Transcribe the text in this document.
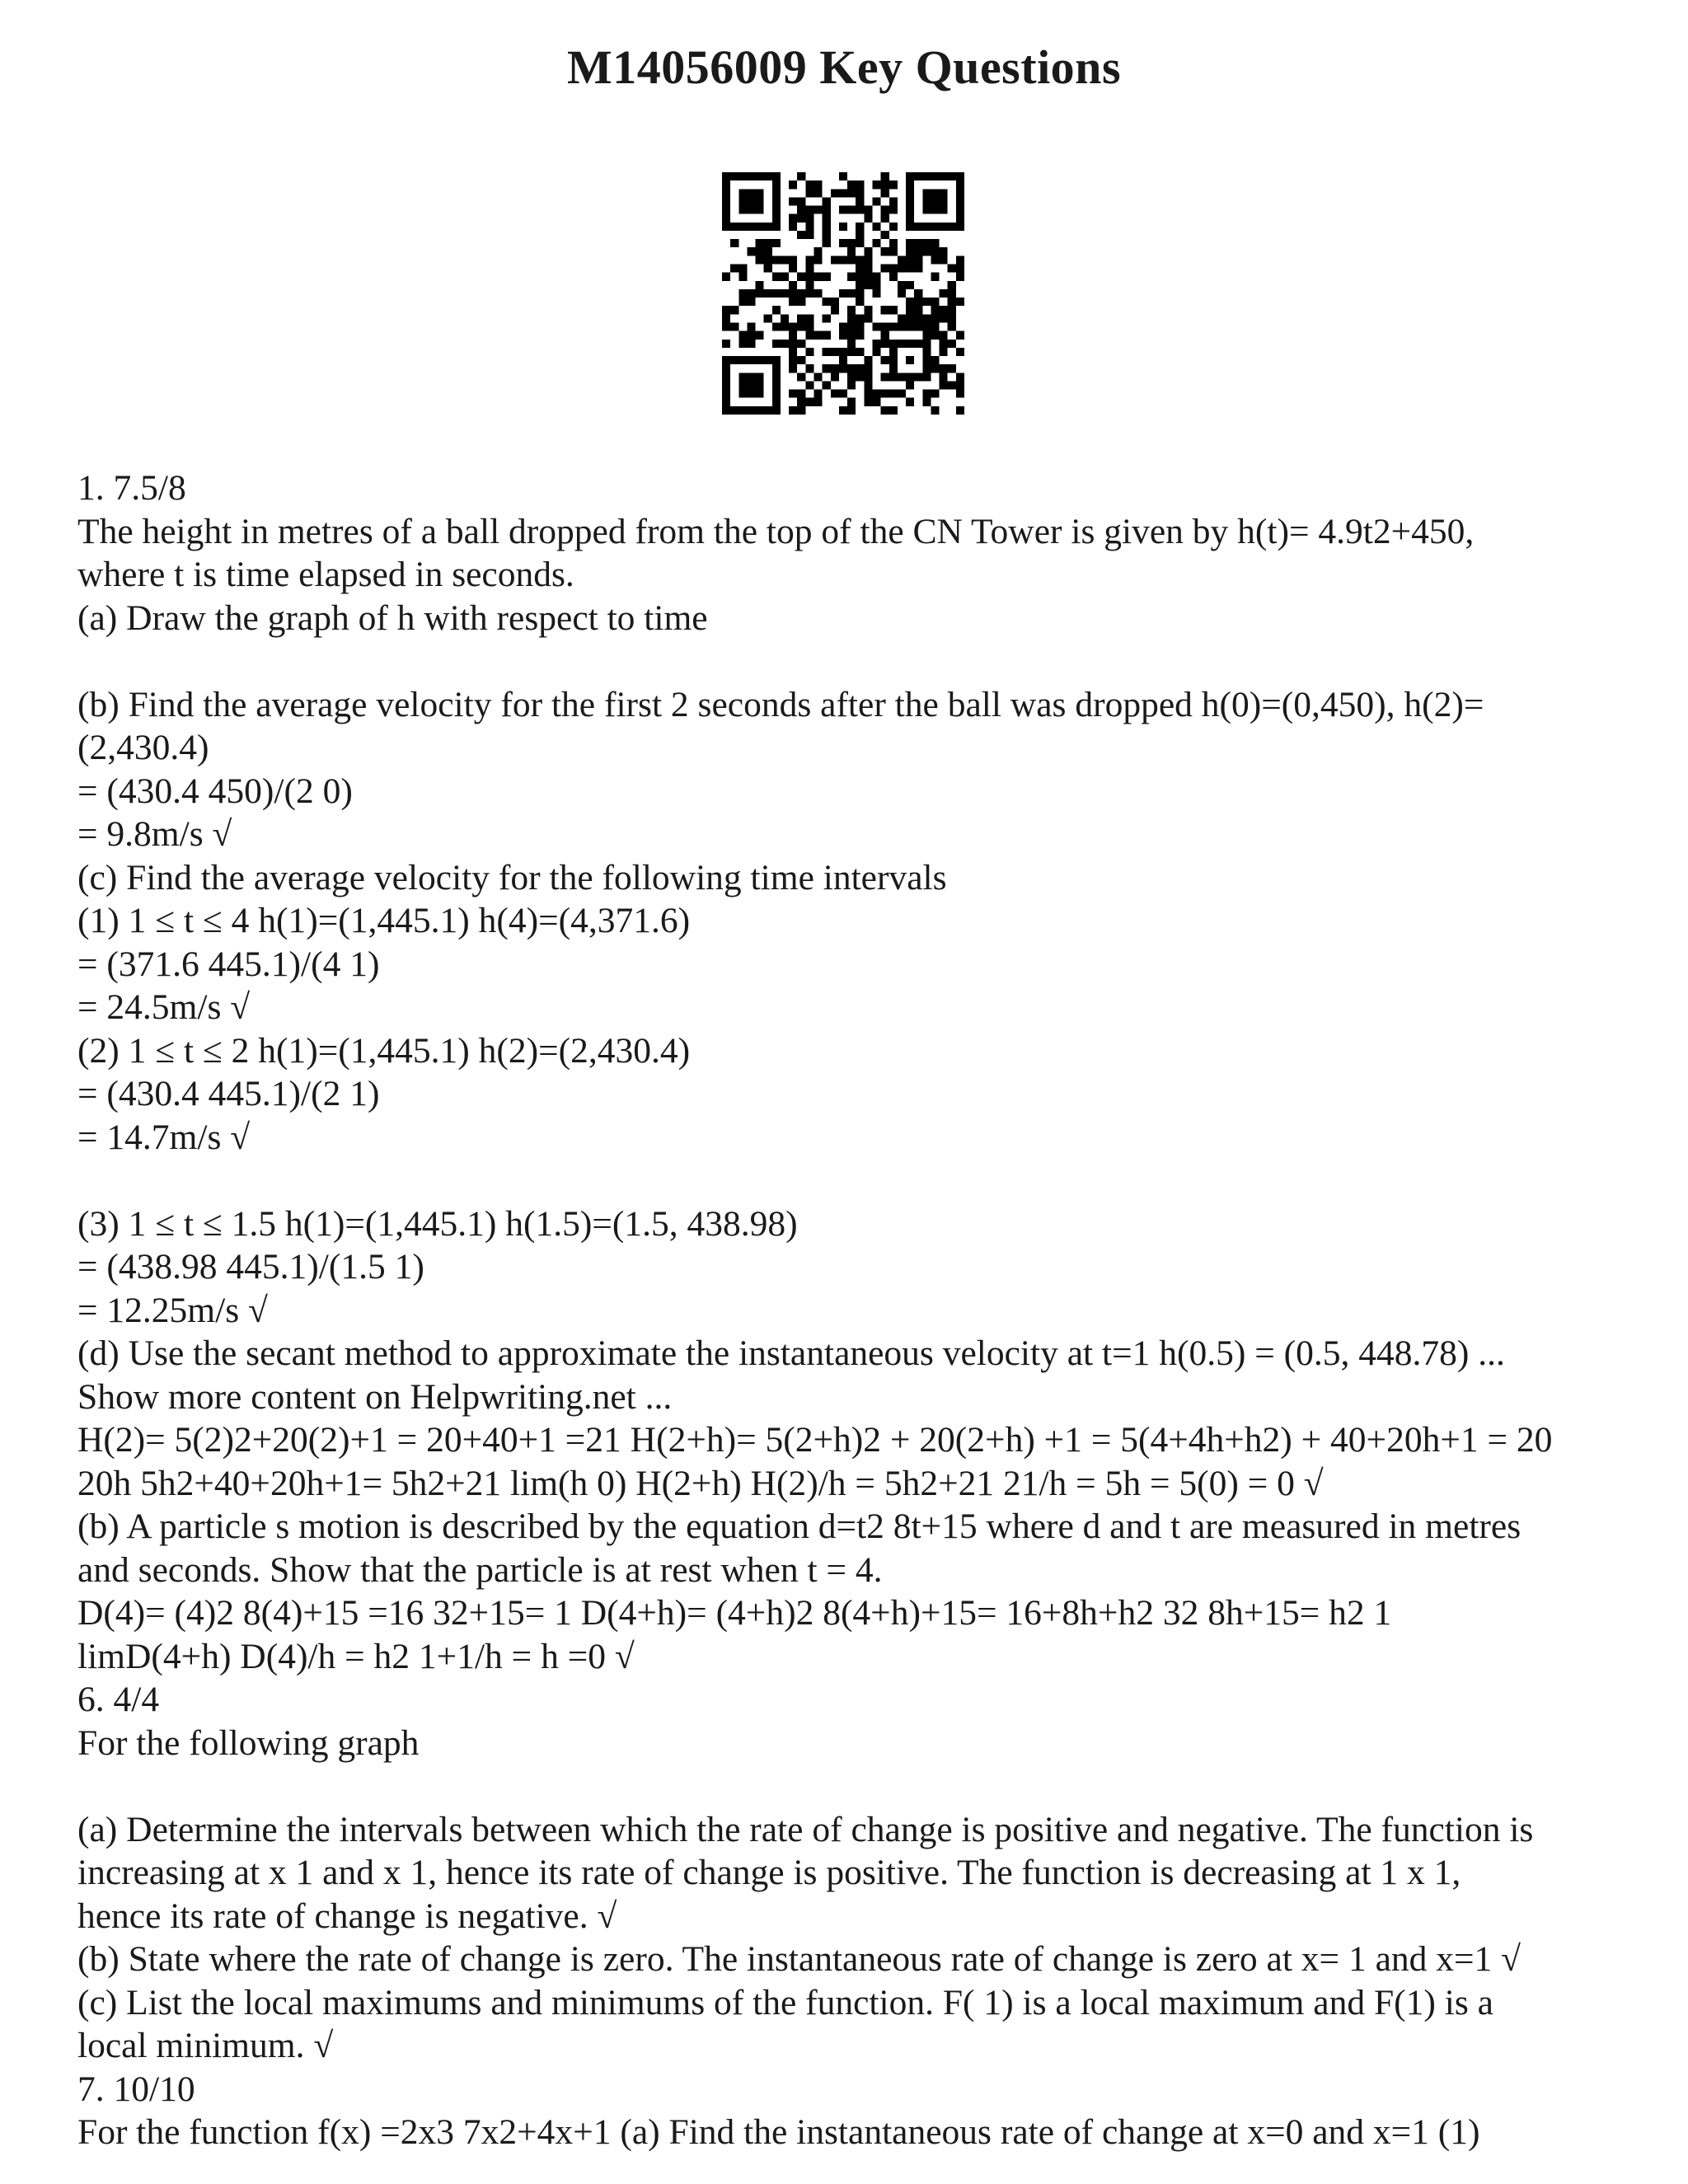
M14056009 Key Questions
1. 7.5/8
The height in metres of a ball dropped from the top of the CN Tower is given by h(t)= 4.9t2+450,
where t is time elapsed in seconds.
(a) Draw the graph of h with respect to time
(b) Find the average velocity for the first 2 seconds after the ball was dropped h(0)=(0,450), h(2)=
(2,430.4)
= (430.4 450)/(2 0)
= 9.8m/s √
(c) Find the average velocity for the following time intervals
(1) 1 ≤ t ≤ 4 h(1)=(1,445.1) h(4)=(4,371.6)
= (371.6 445.1)/(4 1)
= 24.5m/s √
(2) 1 ≤ t ≤ 2 h(1)=(1,445.1) h(2)=(2,430.4)
= (430.4 445.1)/(2 1)
= 14.7m/s √
(3) 1 ≤ t ≤ 1.5 h(1)=(1,445.1) h(1.5)=(1.5, 438.98)
= (438.98 445.1)/(1.5 1)
= 12.25m/s √
(d) Use the secant method to approximate the instantaneous velocity at t=1 h(0.5) = (0.5, 448.78) ...
Show more content on Helpwriting.net ...
H(2)= 5(2)2+20(2)+1 = 20+40+1 =21 H(2+h)= 5(2+h)2 + 20(2+h) +1 = 5(4+4h+h2) + 40+20h+1 = 20
20h 5h2+40+20h+1= 5h2+21 lim(h 0) H(2+h) H(2)/h = 5h2+21 21/h = 5h = 5(0) = 0 √
(b) A particle s motion is described by the equation d=t2 8t+15 where d and t are measured in metres
and seconds. Show that the particle is at rest when t = 4.
D(4)= (4)2 8(4)+15 =16 32+15= 1 D(4+h)= (4+h)2 8(4+h)+15= 16+8h+h2 32 8h+15= h2 1
limD(4+h) D(4)/h = h2 1+1/h = h =0 √
6. 4/4
For the following graph
(a) Determine the intervals between which the rate of change is positive and negative. The function is
increasing at x 1 and x 1, hence its rate of change is positive. The function is decreasing at 1 x 1,
hence its rate of change is negative. √
(b) State where the rate of change is zero. The instantaneous rate of change is zero at x= 1 and x=1 √
(c) List the local maximums and minimums of the function. F( 1) is a local maximum and F(1) is a
local minimum. √
7. 10/10
For the function f(x) =2x3 7x2+4x+1 (a) Find the instantaneous rate of change at x=0 and x=1 (1)
